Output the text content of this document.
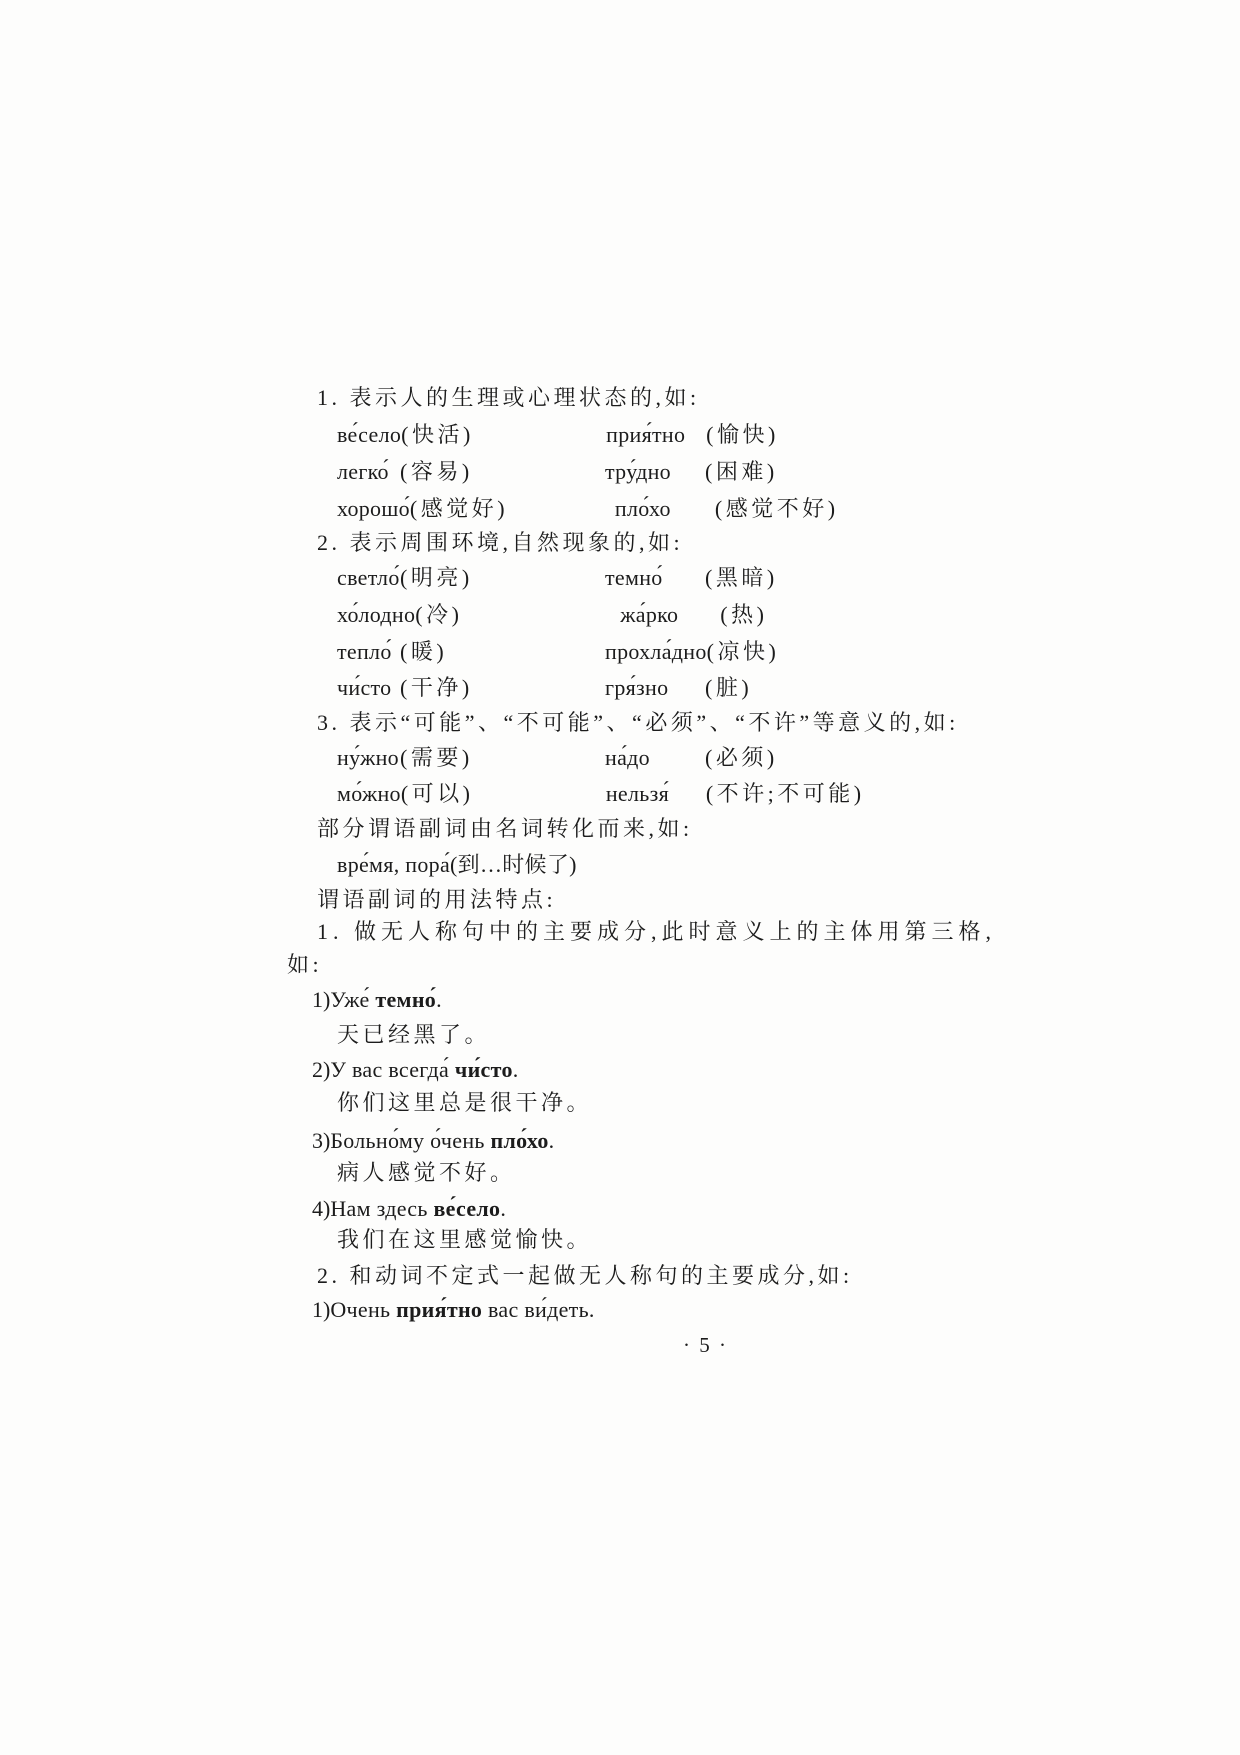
1. 表示人的生理或心理状态的,如:
ве́село (快活)	прия́тно (愉快)
легко́ (容易)	тру́дно	(困难)
хорошо́ (感觉好)	пло́хо	(感觉不好)
2. 表示周围环境,自然现象的,如:
светло́ (明亮)	темно́	(黑暗)
хо́лодно (冷)	жа́рко	(热)
тепло́ (暖)	прохла́дно (凉快)
чи́сто (干净)	гря́зно	(脏)
3. 表示“可能”、“不可能”、“必须”、“不许”等意义的,如:
ну́жно (需要)	на́до	(必须)
мо́жно (可以)	нельзя́	(不许;不可能)
部分谓语副词由名词转化而来,如:
вре́мя, пора́(到…时候了)
谓语副词的用法特点:
1. 做无人称句中的主要成分,此时意义上的主体用第三格,
如:
1) Уже́ темно́ .
天已经黑了。
2) У вас всегда́ чи́сто .
你们这里总是很干净。
3) Больно́му о́чень пло́хо .
病人感觉不好。
4) Нам здесь ве́село .
我们在这里感觉愉快。
2. 和动词不定式一起做无人称句的主要成分,如:
1) Очень прия́тно вас ви́деть.
· 5 ·
